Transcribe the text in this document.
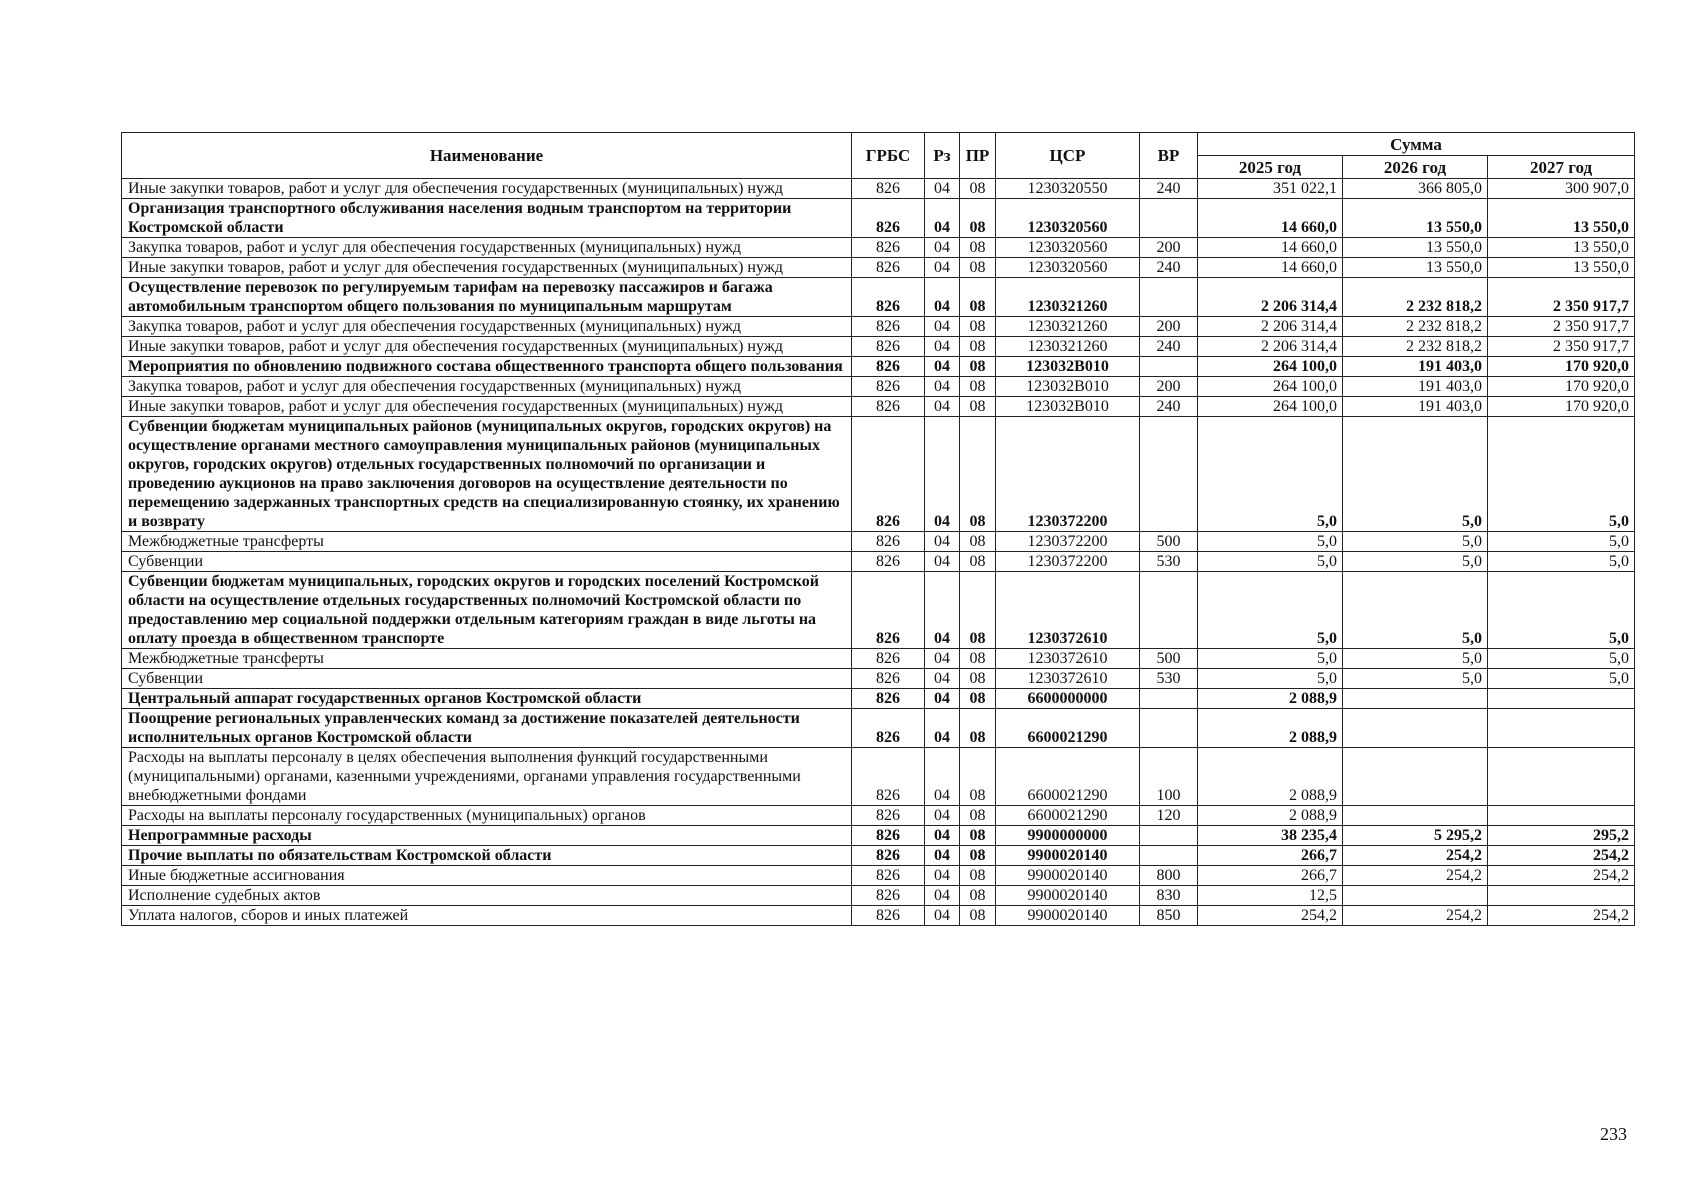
Наименование	ГРБС	Рз	ПР	ЦСР	ВР	Сумма		
						2025 год	2026 год	2027 год
Иные закупки товаров, работ и услуг для обеспечения государственных (муниципальных) нужд	826	04	08	1230320550	240	351 022,1	366 805,0	300 907,0
Организация транспортного обслуживания населения водным транспортом на территории Костромской области	826	04	08	1230320560		14 660,0	13 550,0	13 550,0
Закупка товаров, работ и услуг для обеспечения государственных (муниципальных) нужд	826	04	08	1230320560	200	14 660,0	13 550,0	13 550,0
Иные закупки товаров, работ и услуг для обеспечения государственных (муниципальных) нужд	826	04	08	1230320560	240	14 660,0	13 550,0	13 550,0
Осуществление перевозок по регулируемым тарифам на перевозку пассажиров и багажа автомобильным транспортом общего пользования по муниципальным маршрутам	826	04	08	1230321260		2 206 314,4	2 232 818,2	2 350 917,7
Закупка товаров, работ и услуг для обеспечения государственных (муниципальных) нужд	826	04	08	1230321260	200	2 206 314,4	2 232 818,2	2 350 917,7
Иные закупки товаров, работ и услуг для обеспечения государственных (муниципальных) нужд	826	04	08	1230321260	240	2 206 314,4	2 232 818,2	2 350 917,7
Мероприятия по обновлению подвижного состава общественного транспорта общего пользования	826	04	08	123032В010		264 100,0	191 403,0	170 920,0
Закупка товаров, работ и услуг для обеспечения государственных (муниципальных) нужд	826	04	08	123032В010	200	264 100,0	191 403,0	170 920,0
Иные закупки товаров, работ и услуг для обеспечения государственных (муниципальных) нужд	826	04	08	123032В010	240	264 100,0	191 403,0	170 920,0
Субвенции бюджетам муниципальных районов (муниципальных округов, городских округов) на осуществление органами местного самоуправления муниципальных районов (муниципальных округов, городских округов) отдельных государственных полномочий по организации и проведению аукционов на право заключения договоров на осуществление деятельности по перемещению задержанных транспортных средств на специализированную стоянку, их хранению и возврату	826	04	08	1230372200		5,0	5,0	5,0
Межбюджетные трансферты	826	04	08	1230372200	500	5,0	5,0	5,0
Субвенции	826	04	08	1230372200	530	5,0	5,0	5,0
Субвенции бюджетам муниципальных, городских округов и городских поселений Костромской области на осуществление отдельных государственных полномочий Костромской области по предоставлению мер социальной поддержки отдельным категориям граждан в виде льготы на оплату проезда в общественном транспорте	826	04	08	1230372610		5,0	5,0	5,0
Межбюджетные трансферты	826	04	08	1230372610	500	5,0	5,0	5,0
Субвенции	826	04	08	1230372610	530	5,0	5,0	5,0
Центральный аппарат государственных органов Костромской области	826	04	08	6600000000		2 088,9		
Поощрение региональных управленческих команд за достижение показателей деятельности исполнительных органов Костромской области	826	04	08	6600021290		2 088,9		
Расходы на выплаты персоналу в целях обеспечения выполнения функций государственными (муниципальными) органами, казенными учреждениями, органами управления государственными внебюджетными фондами	826	04	08	6600021290	100	2 088,9		
Расходы на выплаты персоналу государственных (муниципальных) органов	826	04	08	6600021290	120	2 088,9		
Непрограммные расходы	826	04	08	9900000000		38 235,4	5 295,2	295,2
Прочие выплаты по обязательствам Костромской области	826	04	08	9900020140		266,7	254,2	254,2
Иные бюджетные ассигнования	826	04	08	9900020140	800	266,7	254,2	254,2
Исполнение судебных актов	826	04	08	9900020140	830	12,5		
Уплата налогов, сборов и иных платежей	826	04	08	9900020140	850	254,2	254,2	254,2
233
